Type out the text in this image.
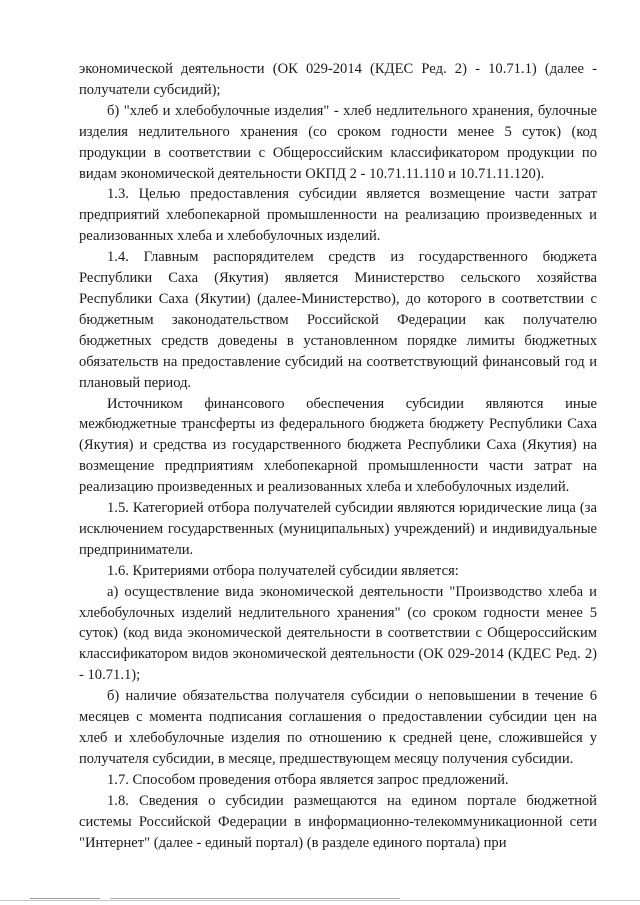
экономической деятельности (ОК 029-2014 (КДЕС Ред. 2) - 10.71.1) (далее - получатели субсидий);

б) "хлеб и хлебобулочные изделия" - хлеб недлительного хранения, булочные изделия недлительного хранения (со сроком годности менее 5 суток) (код продукции в соответствии с Общероссийским классификатором продукции по видам экономической деятельности ОКПД 2 - 10.71.11.110 и 10.71.11.120).

1.3. Целью предоставления субсидии является возмещение части затрат предприятий хлебопекарной промышленности на реализацию произведенных и реализованных хлеба и хлебобулочных изделий.

1.4. Главным распорядителем средств из государственного бюджета Республики Саха (Якутия) является Министерство сельского хозяйства Республики Саха (Якутии) (далее-Министерство), до которого в соответствии с бюджетным законодательством Российской Федерации как получателю бюджетных средств доведены в установленном порядке лимиты бюджетных обязательств на предоставление субсидий на соответствующий финансовый год и плановый период.

Источником финансового обеспечения субсидии являются иные межбюджетные трансферты из федерального бюджета бюджету Республики Саха (Якутия) и средства из государственного бюджета Республики Саха (Якутия) на возмещение предприятиям хлебопекарной промышленности части затрат на реализацию произведенных и реализованных хлеба и хлебобулочных изделий.

1.5. Категорией отбора получателей субсидии являются юридические лица (за исключением государственных (муниципальных) учреждений) и индивидуальные предприниматели.

1.6. Критериями отбора получателей субсидии является:

а) осуществление вида экономической деятельности "Производство хлеба и хлебобулочных изделий недлительного хранения" (со сроком годности менее 5 суток) (код вида экономической деятельности в соответствии с Общероссийским классификатором видов экономической деятельности (ОК 029-2014 (КДЕС Ред. 2) - 10.71.1);

б) наличие обязательства получателя субсидии о неповышении в течение 6 месяцев с момента подписания соглашения о предоставлении субсидии цен на хлеб и хлебобулочные изделия по отношению к средней цене, сложившейся у получателя субсидии, в месяце, предшествующем месяцу получения субсидии.

1.7. Способом проведения отбора является запрос предложений.

1.8. Сведения о субсидии размещаются на едином портале бюджетной системы Российской Федерации в информационно-телекоммуникационной сети "Интернет" (далее - единый портал) (в разделе единого портала) при
